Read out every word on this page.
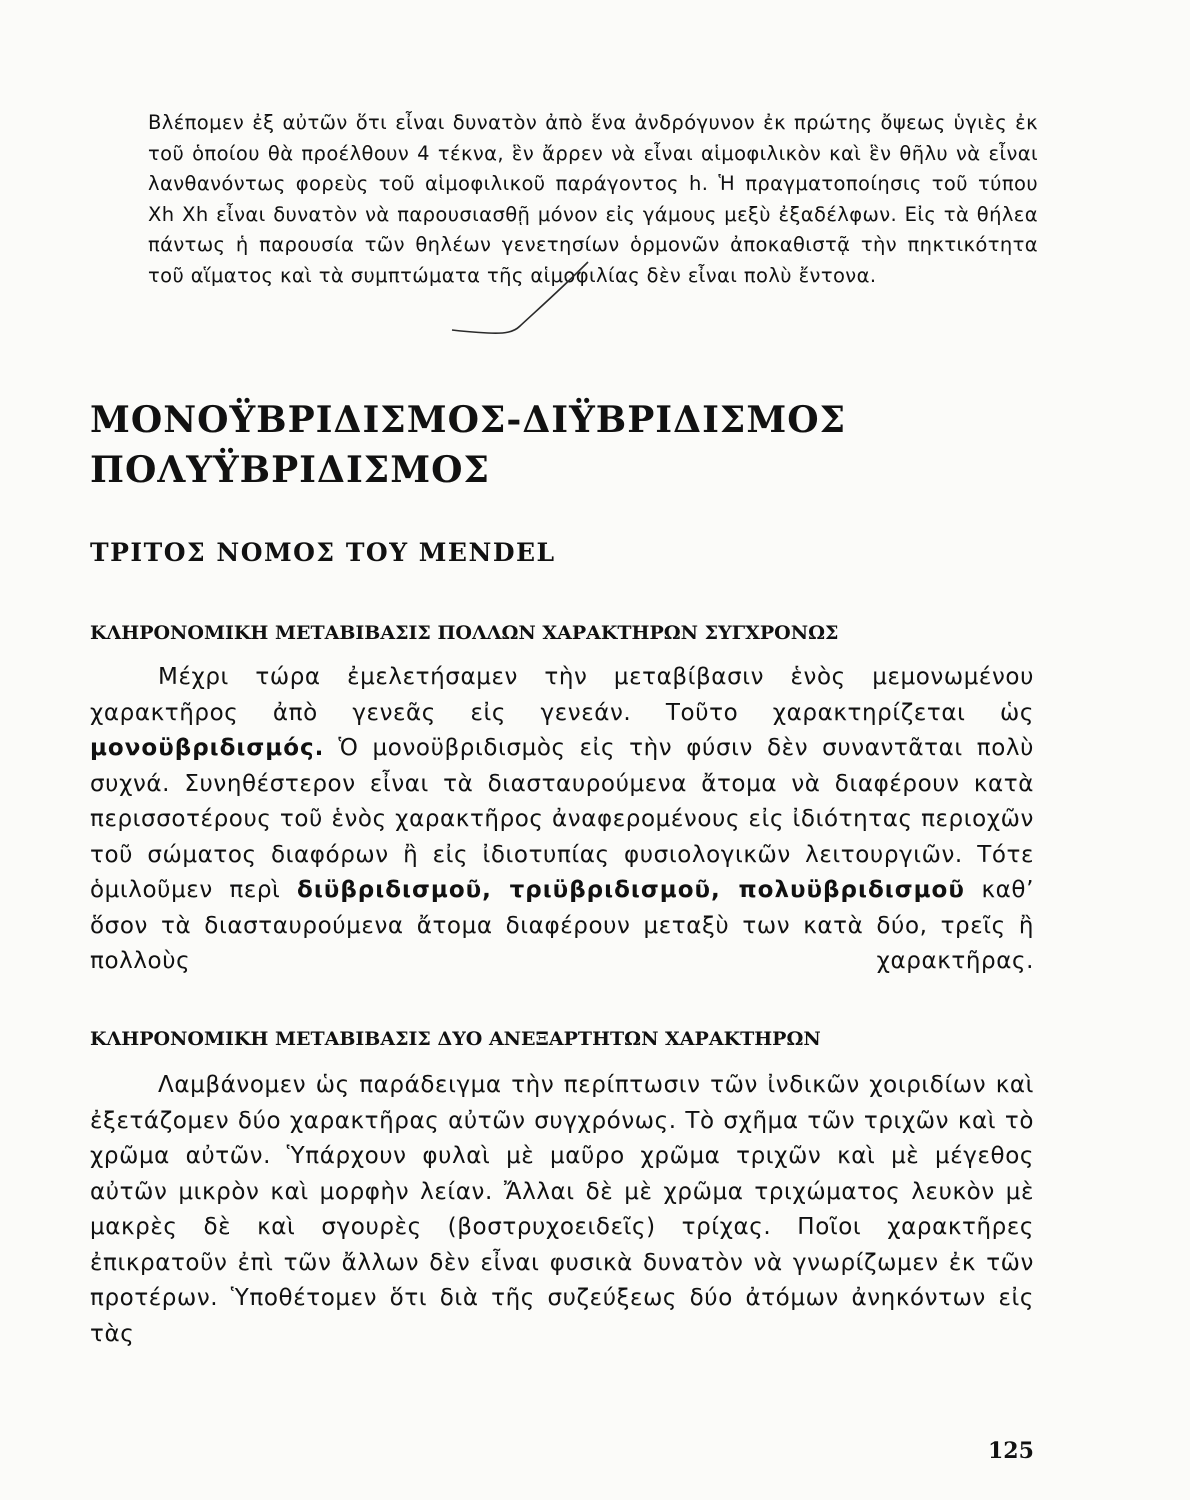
Βλέπομεν ἐξ αὐτῶν ὅτι εἶναι δυνατὸν ἀπὸ ἕνα ἀνδρόγυνον ἐκ πρώτης ὄψεως ὑγιὲς ἐκ τοῦ ὁποίου θὰ προέλθουν 4 τέκνα, ἓν ἄρρεν νὰ εἶναι αἱμοφιλικὸν καὶ ἓν θῆλυ νὰ εἶναι λανθανόντως φορεὺς τοῦ αἱμοφιλικοῦ παράγοντος h. Ἡ πραγματοποίησις τοῦ τύπου Xh Xh εἶναι δυνατὸν νὰ παρουσιασθῇ μόνον εἰς γάμους μεξὺ ἐξαδέλφων. Εἰς τὰ θήλεα πάντως ἡ παρουσία τῶν θηλέων γενετησίων ὁρμονῶν ἀποκαθιστᾷ τὴν πηκτικότητα τοῦ αἵματος καὶ τὰ συμπτώματα τῆς αἱμοφιλίας δὲν εἶναι πολὺ ἔντονα.
ΜΟΝΟΫΒΡΙΔΙΣΜΟΣ-ΔΙΫΒΡΙΔΙΣΜΟΣ
ΠΟΛΥΫΒΡΙΔΙΣΜΟΣ
ΤΡΙΤΟΣ ΝΟΜΟΣ ΤΟΥ MENDEL
ΚΛΗΡΟΝΟΜΙΚΗ ΜΕΤΑΒΙΒΑΣΙΣ ΠΟΛΛΩΝ ΧΑΡΑΚΤΗΡΩΝ ΣΥΓΧΡΟΝΩΣ
Μέχρι τώρα ἐμελετήσαμεν τὴν μεταβίβασιν ἑνὸς μεμονωμένου χαρακτῆρος ἀπὸ γενεᾶς εἰς γενεάν. Τοῦτο χαρακτηρίζεται ὡς μονοϋβριδισμός. Ὁ μονοϋβριδισμὸς εἰς τὴν φύσιν δὲν συναντᾶται πολὺ συχνά. Συνηθέστερον εἶναι τὰ διασταυρούμενα ἄτομα νὰ διαφέρουν κατὰ περισσοτέρους τοῦ ἑνὸς χαρακτῆρος ἀναφερομένους εἰς ἰδιότητας περιοχῶν τοῦ σώματος διαφόρων ἢ εἰς ἰδιοτυπίας φυσιολογικῶν λειτουργιῶν. Τότε ὁμιλοῦμεν περὶ διϋβριδισμοῦ, τριϋβριδισμοῦ, πολυϋβριδισμοῦ καθ’ ὅσον τὰ διασταυρούμενα ἄτομα διαφέρουν μεταξὺ των κατὰ δύο, τρεῖς ἢ πολλοὺς χαρακτῆρας.
ΚΛΗΡΟΝΟΜΙΚΗ ΜΕΤΑΒΙΒΑΣΙΣ ΔΥΟ ΑΝΕΞΑΡΤΗΤΩΝ ΧΑΡΑΚΤΗΡΩΝ
Λαμβάνομεν ὡς παράδειγμα τὴν περίπτωσιν τῶν ἰνδικῶν χοιριδίων καὶ ἐξετάζομεν δύο χαρακτῆρας αὐτῶν συγχρόνως. Τὸ σχῆμα τῶν τριχῶν καὶ τὸ χρῶμα αὐτῶν. Ὑπάρχουν φυλαὶ μὲ μαῦρο χρῶμα τριχῶν καὶ μὲ μέγεθος αὐτῶν μικρὸν καὶ μορφὴν λείαν. Ἄλλαι δὲ μὲ χρῶμα τριχώματος λευκὸν μὲ μακρὲς δὲ καὶ σγουρὲς (βοστρυχοειδεῖς) τρίχας. Ποῖοι χαρακτῆρες ἐπικρατοῦν ἐπὶ τῶν ἄλλων δὲν εἶναι φυσικὰ δυνατὸν νὰ γνωρίζωμεν ἐκ τῶν προτέρων. Ὑποθέτομεν ὅτι διὰ τῆς συζεύξεως δύο ἀτόμων ἀνηκόντων εἰς τὰς
125
